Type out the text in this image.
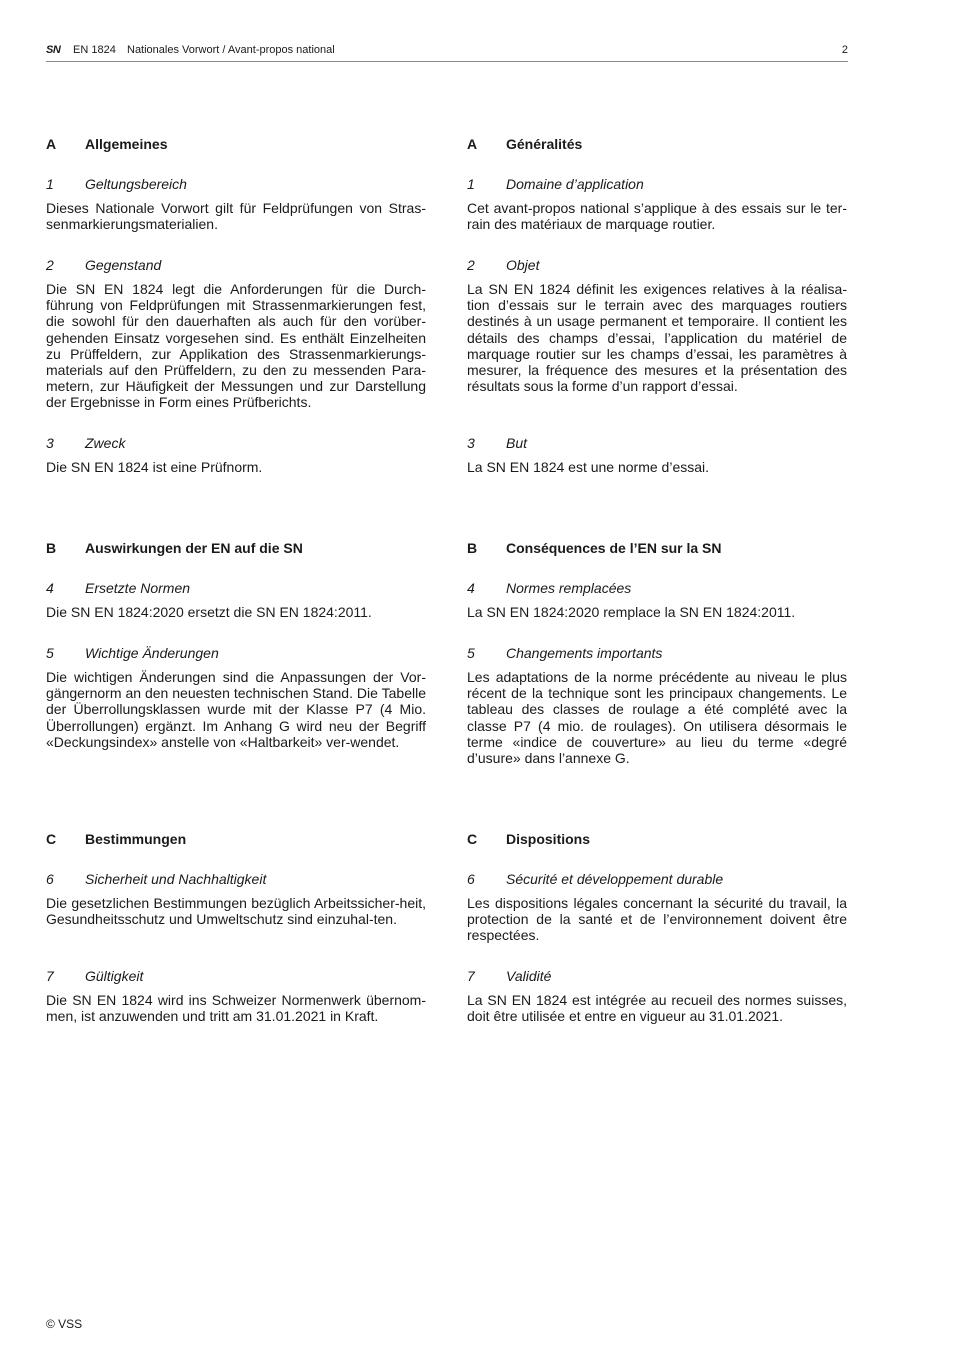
SN EN 1824 Nationales Vorwort / Avant-propos national	2
A Allgemeines
1 Geltungsbereich

Dieses Nationale Vorwort gilt für Feldprüfungen von Stras-senmarkierungsmaterialien.

2 Gegenstand

Die SN EN 1824 legt die Anforderungen für die Durch-führung von Feldprüfungen mit Strassenmarkierungen fest, die sowohl für den dauerhaften als auch für den vorüber-gehenden Einsatz vorgesehen sind. Es enthält Einzelheiten zu Prüffeldern, zur Applikation des Strassenmarkierungs-materials auf den Prüffeldern, zu den zu messenden Para-metern, zur Häufigkeit der Messungen und zur Darstellung der Ergebnisse in Form eines Prüfberichts.

3 Zweck

Die SN EN 1824 ist eine Prüfnorm.

B Auswirkungen der EN auf die SN
4 Ersetzte Normen

Die SN EN 1824:2020 ersetzt die SN EN 1824:2011.

5 Wichtige Änderungen

Die wichtigen Änderungen sind die Anpassungen der Vor-gängernorm an den neuesten technischen Stand. Die Tabelle der Überrollungsklassen wurde mit der Klasse P7 (4 Mio. Überrollungen) ergänzt. Im Anhang G wird neu der Begriff «Deckungsindex» anstelle von «Haltbarkeit» ver-wendet.

C Bestimmungen
6 Sicherheit und Nachhaltigkeit

Die gesetzlichen Bestimmungen bezüglich Arbeitssicher-heit, Gesundheitsschutz und Umweltschutz sind einzuhal-ten.

7 Gültigkeit

Die SN EN 1824 wird ins Schweizer Normenwerk übernom-men, ist anzuwenden und tritt am 31.01.2021 in Kraft.

A Généralités
1 Domaine d’application

Cet avant-propos national s’applique à des essais sur le ter-rain des matériaux de marquage routier.

2 Objet

La SN EN 1824 définit les exigences relatives à la réalisa-tion d’essais sur le terrain avec des marquages routiers destinés à un usage permanent et temporaire. Il contient les détails des champs d’essai, l’application du matériel de marquage routier sur les champs d’essai, les paramètres à mesurer, la fréquence des mesures et la présentation des résultats sous la forme d’un rapport d’essai.

3 But

La SN EN 1824 est une norme d’essai.

B Conséquences de l’EN sur la SN
4 Normes remplacées

La SN EN 1824:2020 remplace la SN EN 1824:2011.

5 Changements importants

Les adaptations de la norme précédente au niveau le plus récent de la technique sont les principaux changements. Le tableau des classes de roulage a été complété avec la classe P7 (4 mio. de roulages). On utilisera désormais le terme «indice de couverture» au lieu du terme «degré d’usure» dans l’annexe G.

C Dispositions
6 Sécurité et développement durable

Les dispositions légales concernant la sécurité du travail, la protection de la santé et de l’environnement doivent être respectées.

7 Validité

La SN EN 1824 est intégrée au recueil des normes suisses, doit être utilisée et entre en vigueur au 31.01.2021.

© VSS
